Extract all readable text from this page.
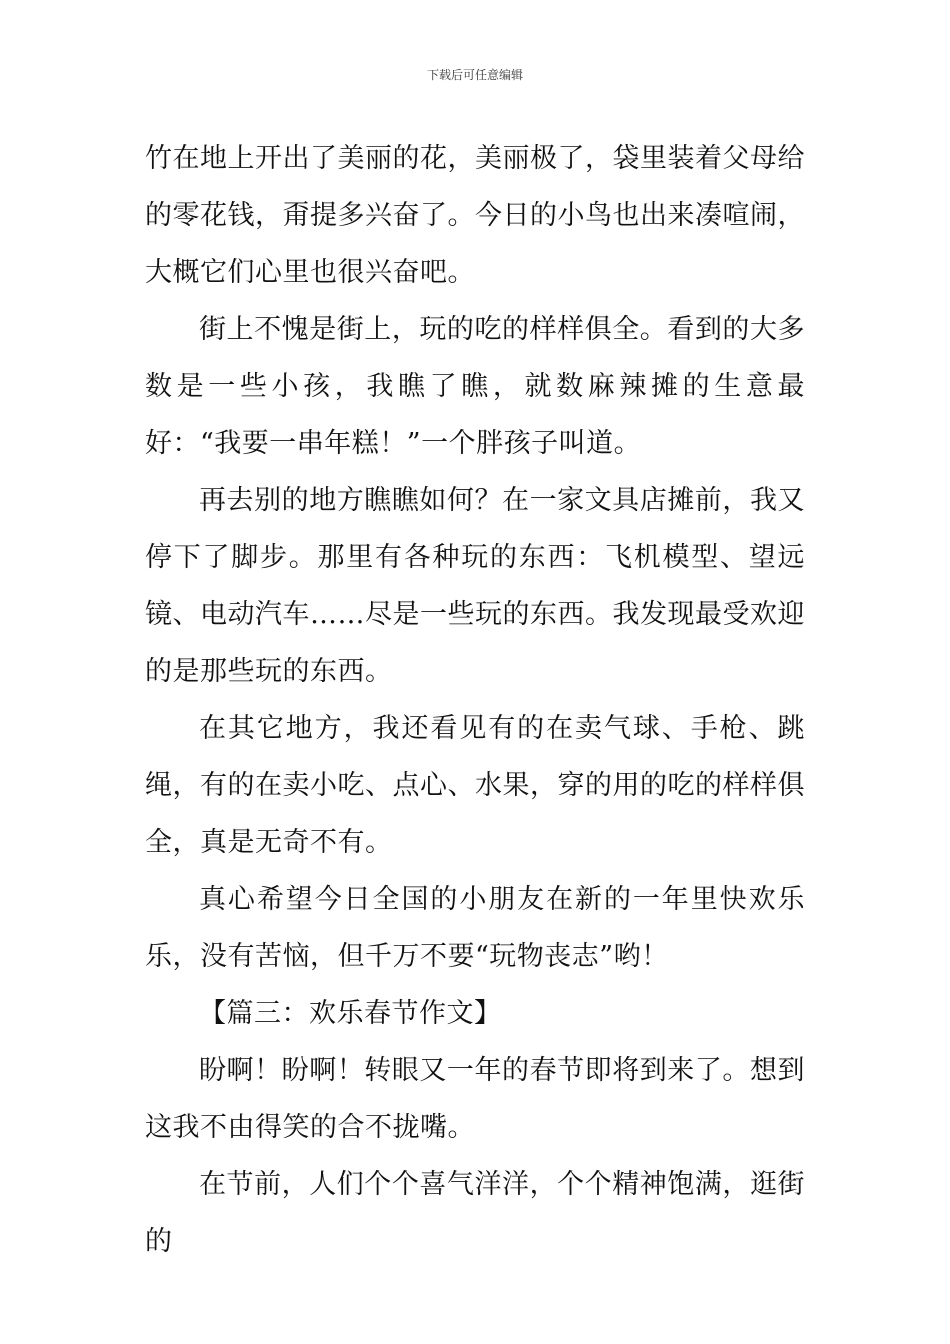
下载后可任意编辑

竹在地上开出了美丽的花，美丽极了，袋里装着父母给的零花钱，甭提多兴奋了。今日的小鸟也出来凑喧闹，大概它们心里也很兴奋吧。

街上不愧是街上，玩的吃的样样俱全。看到的大多数是一些小孩，我瞧了瞧，就数麻辣摊的生意最好：“我要一串年糕！”一个胖孩子叫道。

再去别的地方瞧瞧如何？在一家文具店摊前，我又停下了脚步。那里有各种玩的东西：飞机模型、望远镜、电动汽车……尽是一些玩的东西。我发现最受欢迎的是那些玩的东西。

在其它地方，我还看见有的在卖气球、手枪、跳绳，有的在卖小吃、点心、水果，穿的用的吃的样样俱全，真是无奇不有。

真心希望今日全国的小朋友在新的一年里快欢乐乐，没有苦恼，但千万不要“玩物丧志”哟！

【篇三：欢乐春节作文】

盼啊！盼啊！转眼又一年的春节即将到来了。想到这我不由得笑的合不拢嘴。

在节前，人们个个喜气洋洋，个个精神饱满，逛街的
